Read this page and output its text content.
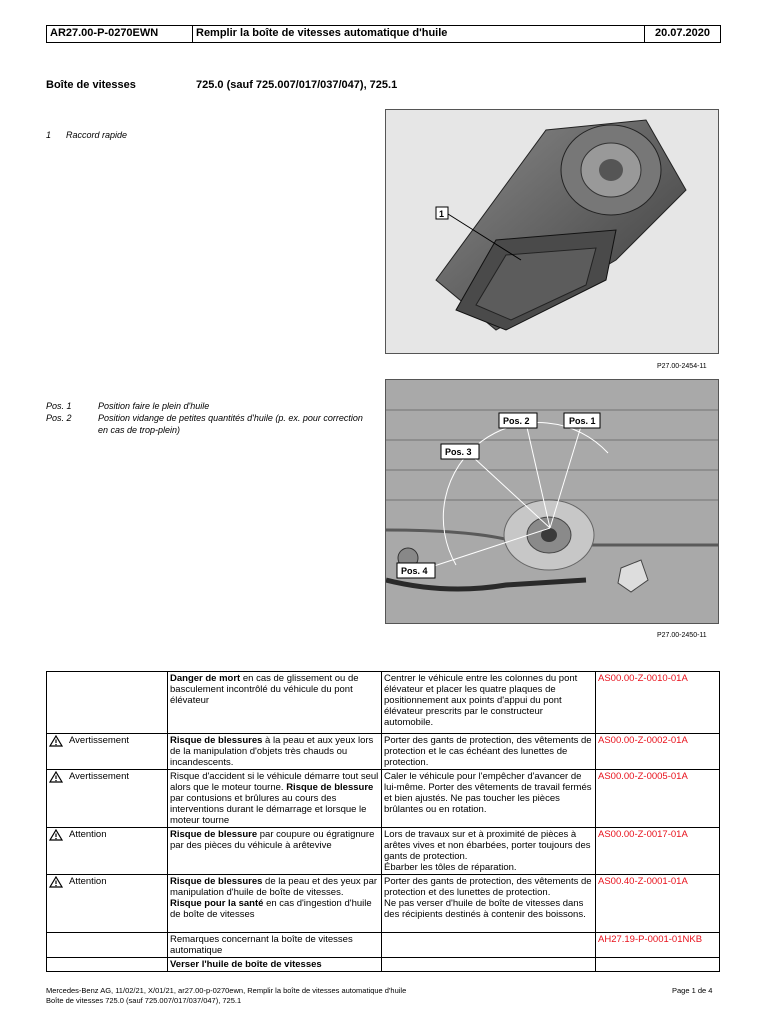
AR27.00-P-0270EWN	Remplir la boîte de vitesses automatique d'huile	20.07.2020
Boîte de vitesses	725.0 (sauf 725.007/017/037/047), 725.1
1 Raccord rapide
1
P27.00-2454-11
Pos. 1	Position faire le plein d'huile
Pos. 2	Position vidange de petites quantités d'huile (p. ex. pour correction en cas de trop-plein)
Pos. 1
Pos. 2
Pos. 3
Pos. 4
P27.00-2450-11
	Danger de mort en cas de glissement ou de basculement incontrôlé du véhicule du pont élévateur	Centrer le véhicule entre les colonnes du pont élévateur et placer les quatre plaques de positionnement aux points d'appui du pont élévateur prescrits par le constructeur automobile.	AS00.00-Z-0010-01A

Avertissement	Risque de blessures à la peau et aux yeux lors de la manipulation d'objets très chauds ou incandescents.	Porter des gants de protection, des vêtements de protection et le cas échéant des lunettes de protection.	AS00.00-Z-0002-01A

Avertissement	Risque d'accident si le véhicule démarre tout seul alors que le moteur tourne. Risque de blessure par contusions et brûlures au cours des interventions durant le démarrage et lorsque le moteur tourne	Caler le véhicule pour l'empêcher d'avancer de lui-même. Porter des vêtements de travail fermés et bien ajustés. Ne pas toucher les pièces brûlantes ou en rotation.	AS00.00-Z-0005-01A

Attention	Risque de blessure par coupure ou égratignure par des pièces du véhicule à arêtevive	Lors de travaux sur et à proximité de pièces à arêtes vives et non ébarbées, porter toujours des gants de protection.
Ébarber les tôles de réparation.	AS00.00-Z-0017-01A

Attention	Risque de blessures de la peau et des yeux par manipulation d'huile de boîte de vitesses.
Risque pour la santé en cas d'ingestion d'huile de boîte de vitesses	Porter des gants de protection, des vêtements de protection et des lunettes de protection.
Ne pas verser d'huile de boîte de vitesses dans des récipients destinés à contenir des boissons.	AS00.40-Z-0001-01A
	Remarques concernant la boîte de vitesses automatique		AH27.19-P-0001-01NKB
	Verser l'huile de boîte de vitesses		
Mercedes-Benz AG, 11/02/21, X/01/21, ar27.00-p-0270ewn, Remplir la boîte de vitesses automatique d'huile
Boîte de vitesses 725.0 (sauf 725.007/017/037/047), 725.1
Page 1 de 4
